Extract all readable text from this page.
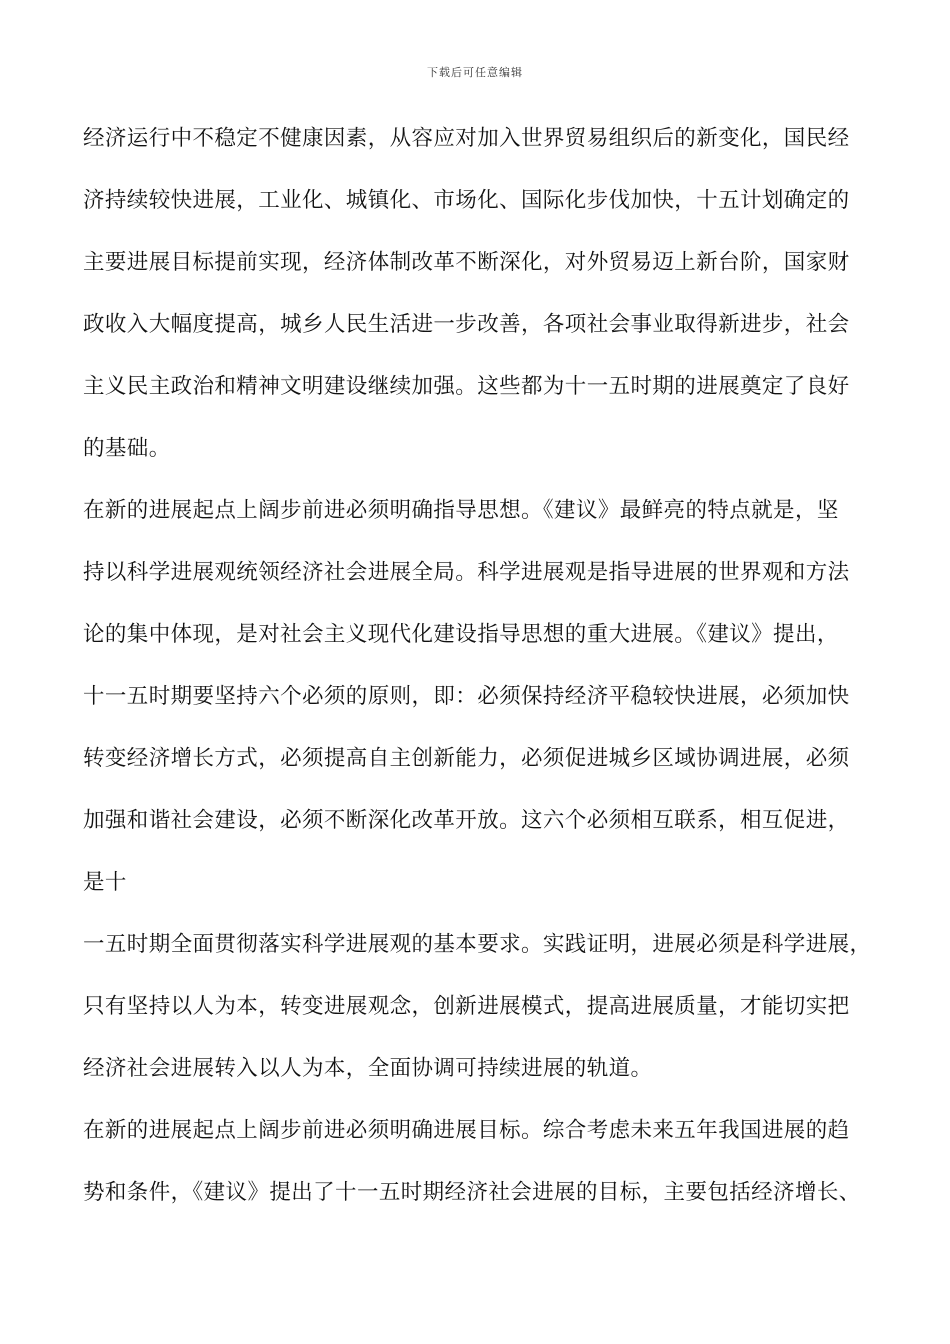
下载后可任意编辑
经济运行中不稳定不健康因素，从容应对加入世界贸易组织后的新变化，国民经
济持续较快进展，工业化、城镇化、市场化、国际化步伐加快，十五计划确定的
主要进展目标提前实现，经济体制改革不断深化，对外贸易迈上新台阶，国家财
政收入大幅度提高，城乡人民生活进一步改善，各项社会事业取得新进步，社会
主义民主政治和精神文明建设继续加强。这些都为十一五时期的进展奠定了良好
的基础。
在新的进展起点上阔步前进必须明确指导思想。《建议》最鲜亮的特点就是，坚
持以科学进展观统领经济社会进展全局。科学进展观是指导进展的世界观和方法
论的集中体现，是对社会主义现代化建设指导思想的重大进展。《建议》提出，
十一五时期要坚持六个必须的原则，即：必须保持经济平稳较快进展，必须加快
转变经济增长方式，必须提高自主创新能力，必须促进城乡区域协调进展，必须
加强和谐社会建设，必须不断深化改革开放。这六个必须相互联系，相互促进，
是十
一五时期全面贯彻落实科学进展观的基本要求。实践证明，进展必须是科学进展，
只有坚持以人为本，转变进展观念，创新进展模式，提高进展质量，才能切实把
经济社会进展转入以人为本，全面协调可持续进展的轨道。
在新的进展起点上阔步前进必须明确进展目标。综合考虑未来五年我国进展的趋
势和条件，《建议》提出了十一五时期经济社会进展的目标，主要包括经济增长、
